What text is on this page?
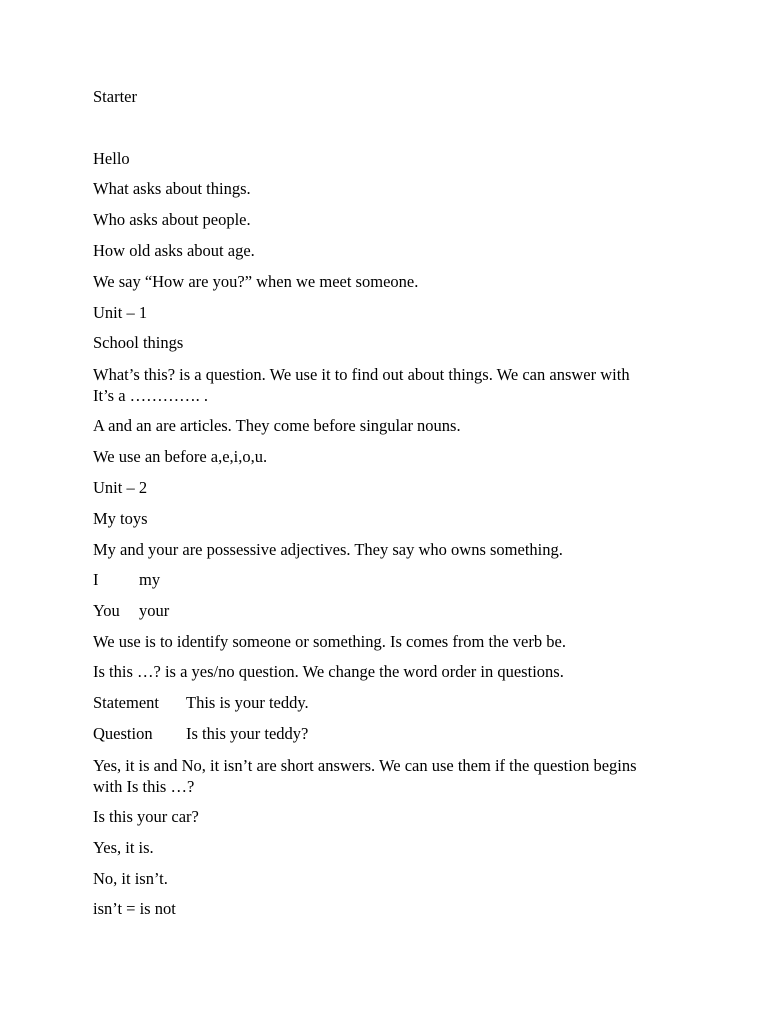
Starter
Hello
What asks about things.
Who asks about people.
How old asks about age.
We say “How are you?” when we meet someone.
Unit – 1
School things
What’s this? is a question. We use it to find out about things. We can answer with It’s a …………. .
A and an are articles. They come before singular nouns.
We use an before a,e,i,o,u.
Unit – 2
My toys
My and your are possessive adjectives. They say who owns something.
I my
You your
We use is to identify someone or something. Is comes from the verb be.
Is this …? is a yes/no question. We change the word order in questions.
Statement This is your teddy.
Question Is this your teddy?
Yes, it is and No, it isn’t are short answers. We can use them if the question begins with Is this …?
Is this your car?
Yes, it is.
No, it isn’t.
isn’t = is not
